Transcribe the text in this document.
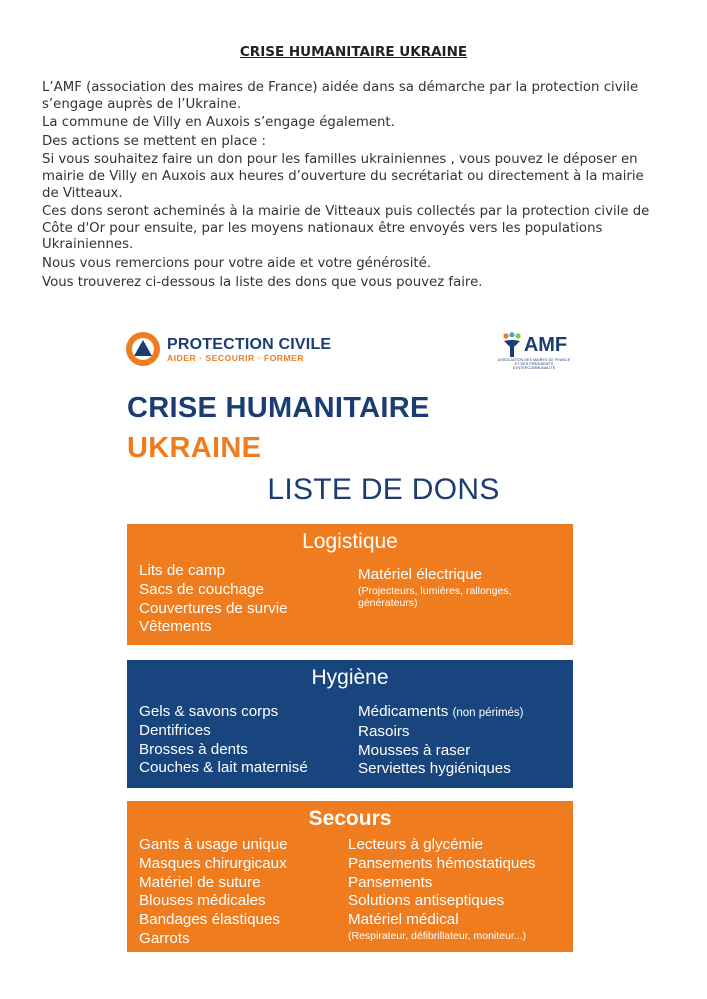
CRISE HUMANITAIRE UKRAINE

L’AMF (association des maires de France) aidée dans sa démarche par la protection civile s’engage auprès de l’Ukraine.

La commune de Villy en Auxois s’engage également.

Des actions se mettent en place :

Si vous souhaitez faire un don pour les familles ukrainiennes , vous pouvez le déposer en mairie de Villy en Auxois aux heures d’ouverture du secrétariat ou directement à la mairie de Vitteaux.

Ces dons seront acheminés à la mairie de Vitteaux puis collectés par la protection civile de Côte d'Or pour ensuite, par les moyens nationaux être envoyés vers les populations Ukrainiennes.

Nous vous remercions pour votre aide et votre générosité.

Vous trouverez ci-dessous la liste des dons que vous pouvez faire.

PROTECTION CIVILE
AIDER · SECOURIR · FORMER
AMF
ASSOCIATION DES MAIRES DE FRANCE ET DES PRÉSIDENTS D'INTERCOMMUNALITÉ
CRISE HUMANITAIRE
UKRAINE
LISTE DE DONS
Logistique
Lits de camp
Sacs de couchage
Couvertures de survie
Vêtements
Matériel électrique
(Projecteurs, lumières, rallonges, générateurs)
Hygiène
Gels & savons corps
Dentifrices
Brosses à dents
Couches & lait maternisé
Médicaments (non périmés)
Rasoirs
Mousses à raser
Serviettes hygiéniques
Secours
Gants à usage unique
Masques chirurgicaux
Matériel de suture
Blouses médicales
Bandages élastiques
Garrots
Lecteurs à glycémie
Pansements hémostatiques
Pansements
Solutions antiseptiques
Matériel médical
(Respirateur, défibrillateur, moniteur...)
